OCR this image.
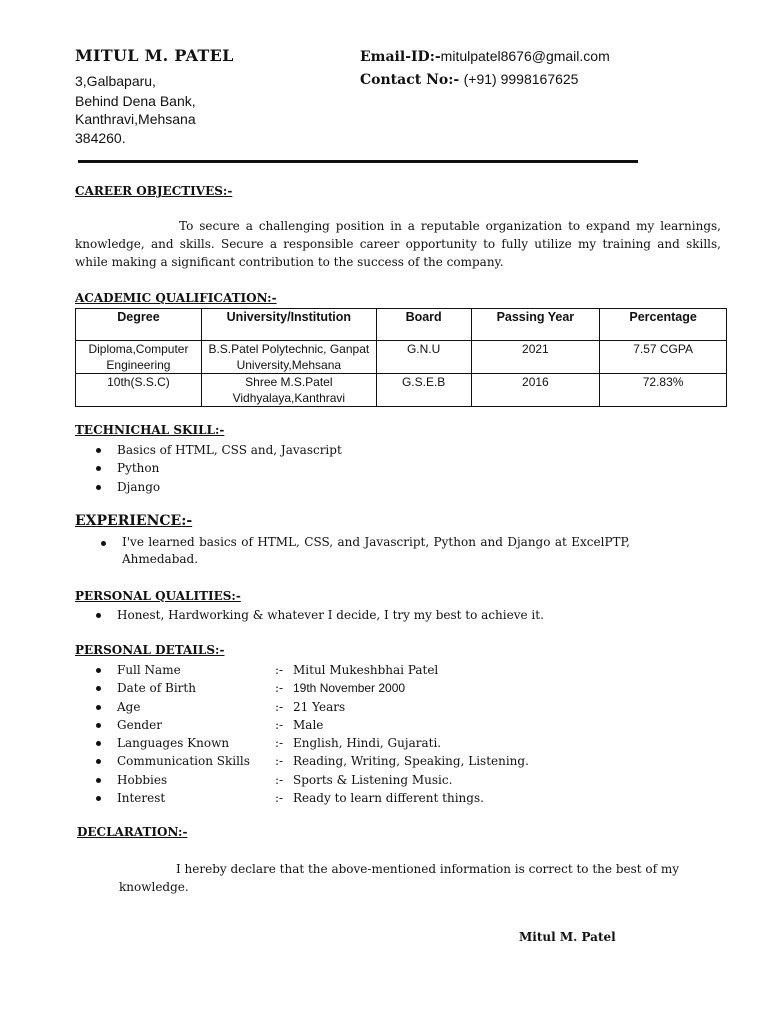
MITUL M. PATEL
3,Galbaparu,
Behind Dena Bank,
Kanthravi,Mehsana
384260.
Email-ID:-mitulpatel8676@gmail.com
Contact No:- (+91) 9998167625
CAREER OBJECTIVES:-
To secure a challenging position in a reputable organization to expand my learnings, knowledge, and skills. Secure a responsible career opportunity to fully utilize my training and skills, while making a significant contribution to the success of the company.
ACADEMIC QUALIFICATION:-
Degree	University/Institution	Board	Passing Year	Percentage
Diploma,Computer Engineering	B.S.Patel Polytechnic, Ganpat University,Mehsana	G.N.U	2021	7.57 CGPA
10th(S.S.C)	Shree M.S.Patel Vidhyalaya,Kanthravi	G.S.E.B	2016	72.83%
TECHNICHAL SKILL:-
Basics of HTML, CSS and, Javascript
Python
Django
EXPERIENCE:-
I've learned basics of HTML, CSS, and Javascript, Python and Django at ExcelPTP, Ahmedabad.
PERSONAL QUALITIES:-
Honest, Hardworking & whatever I decide, I try my best to achieve it.
PERSONAL DETAILS:-
Full Name	:- Mitul Mukeshbhai Patel
Date of Birth	:- 19th November 2000
Age	:- 21 Years
Gender	:- Male
Languages Known	:- English, Hindi, Gujarati.
Communication Skills :- Reading, Writing, Speaking, Listening.
Hobbies	:- Sports & Listening Music.
Interest	:- Ready to learn different things.
DECLARATION:-
I hereby declare that the above-mentioned information is correct to the best of my knowledge.
Mitul M. Patel
